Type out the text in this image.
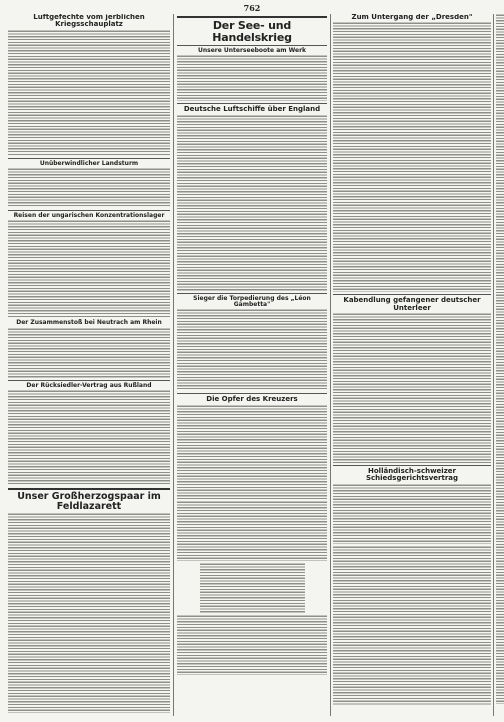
762
Luftgefechte vom jerblichen Kriegsschauplatz
Unüberwindlicher Landsturm
Reisen der ungarischen Konzentrationslager
Der Zusammenstoß bei Neutrach am Rhein
Der Rücksiedler-Vertrag aus Rußland
Unser Großherzogspaar im Feldlazarett
Der See- und Handelskrieg
Unsere Unterseeboote am Werk
Deutsche Luftschiffe über England
Sieger die Torpedierung des „Léon Gambetta"
Die Opfer des Kreuzers
Zum Untergang der „Dresden"
Kabendlung gefangener deutscher Unterleer
Holländisch-schweizer Schiedsgerichtsvertrag
